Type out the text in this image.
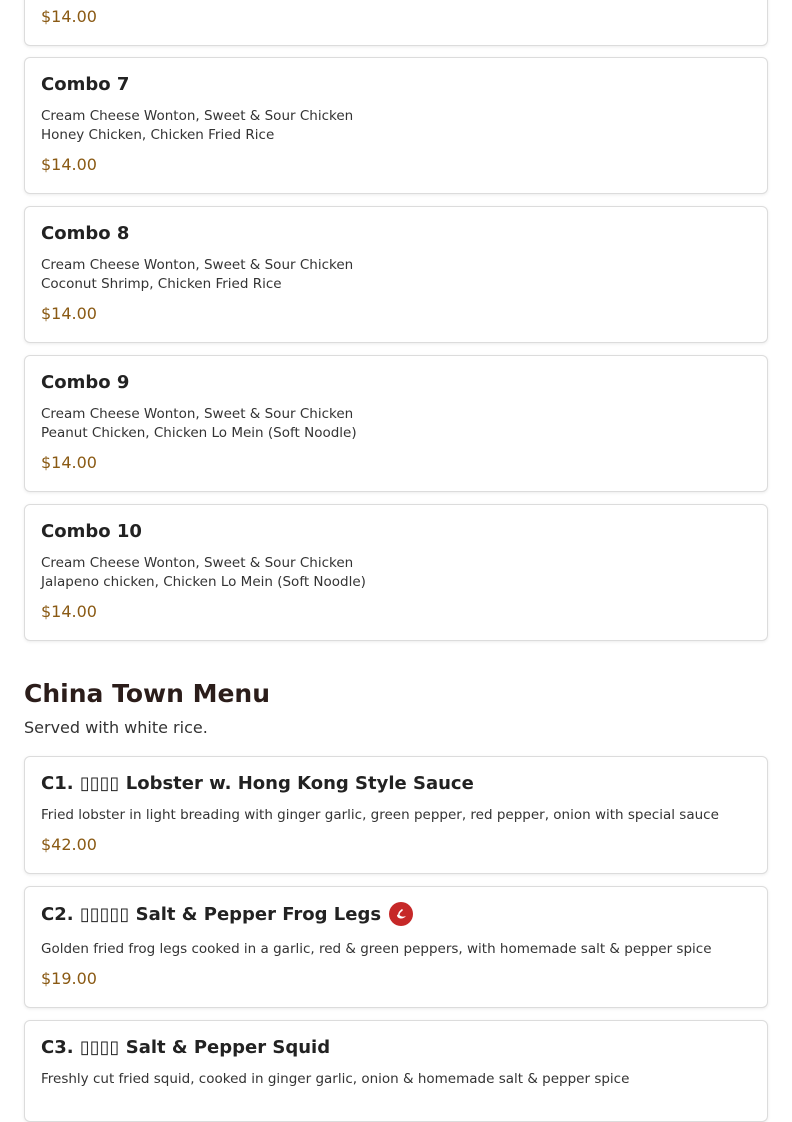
$14.00
Combo 7
Cream Cheese Wonton, Sweet & Sour Chicken
Honey Chicken, Chicken Fried Rice
$14.00
Combo 8
Cream Cheese Wonton, Sweet & Sour Chicken
Coconut Shrimp, Chicken Fried Rice
$14.00
Combo 9
Cream Cheese Wonton, Sweet & Sour Chicken
Peanut Chicken, Chicken Lo Mein (Soft Noodle)
$14.00
Combo 10
Cream Cheese Wonton, Sweet & Sour Chicken
Jalapeno chicken, Chicken Lo Mein (Soft Noodle)
$14.00
China Town Menu
Served with white rice.
C1. ▯▯▯▯ Lobster w. Hong Kong Style Sauce
Fried lobster in light breading with ginger garlic, green pepper, red pepper, onion with special sauce
$42.00
C2. ▯▯▯▯▯ Salt & Pepper Frog Legs
Golden fried frog legs cooked in a garlic, red & green peppers, with homemade salt & pepper spice
$19.00
C3. ▯▯▯▯ Salt & Pepper Squid
Freshly cut fried squid, cooked in ginger garlic, onion & homemade salt & pepper spice
